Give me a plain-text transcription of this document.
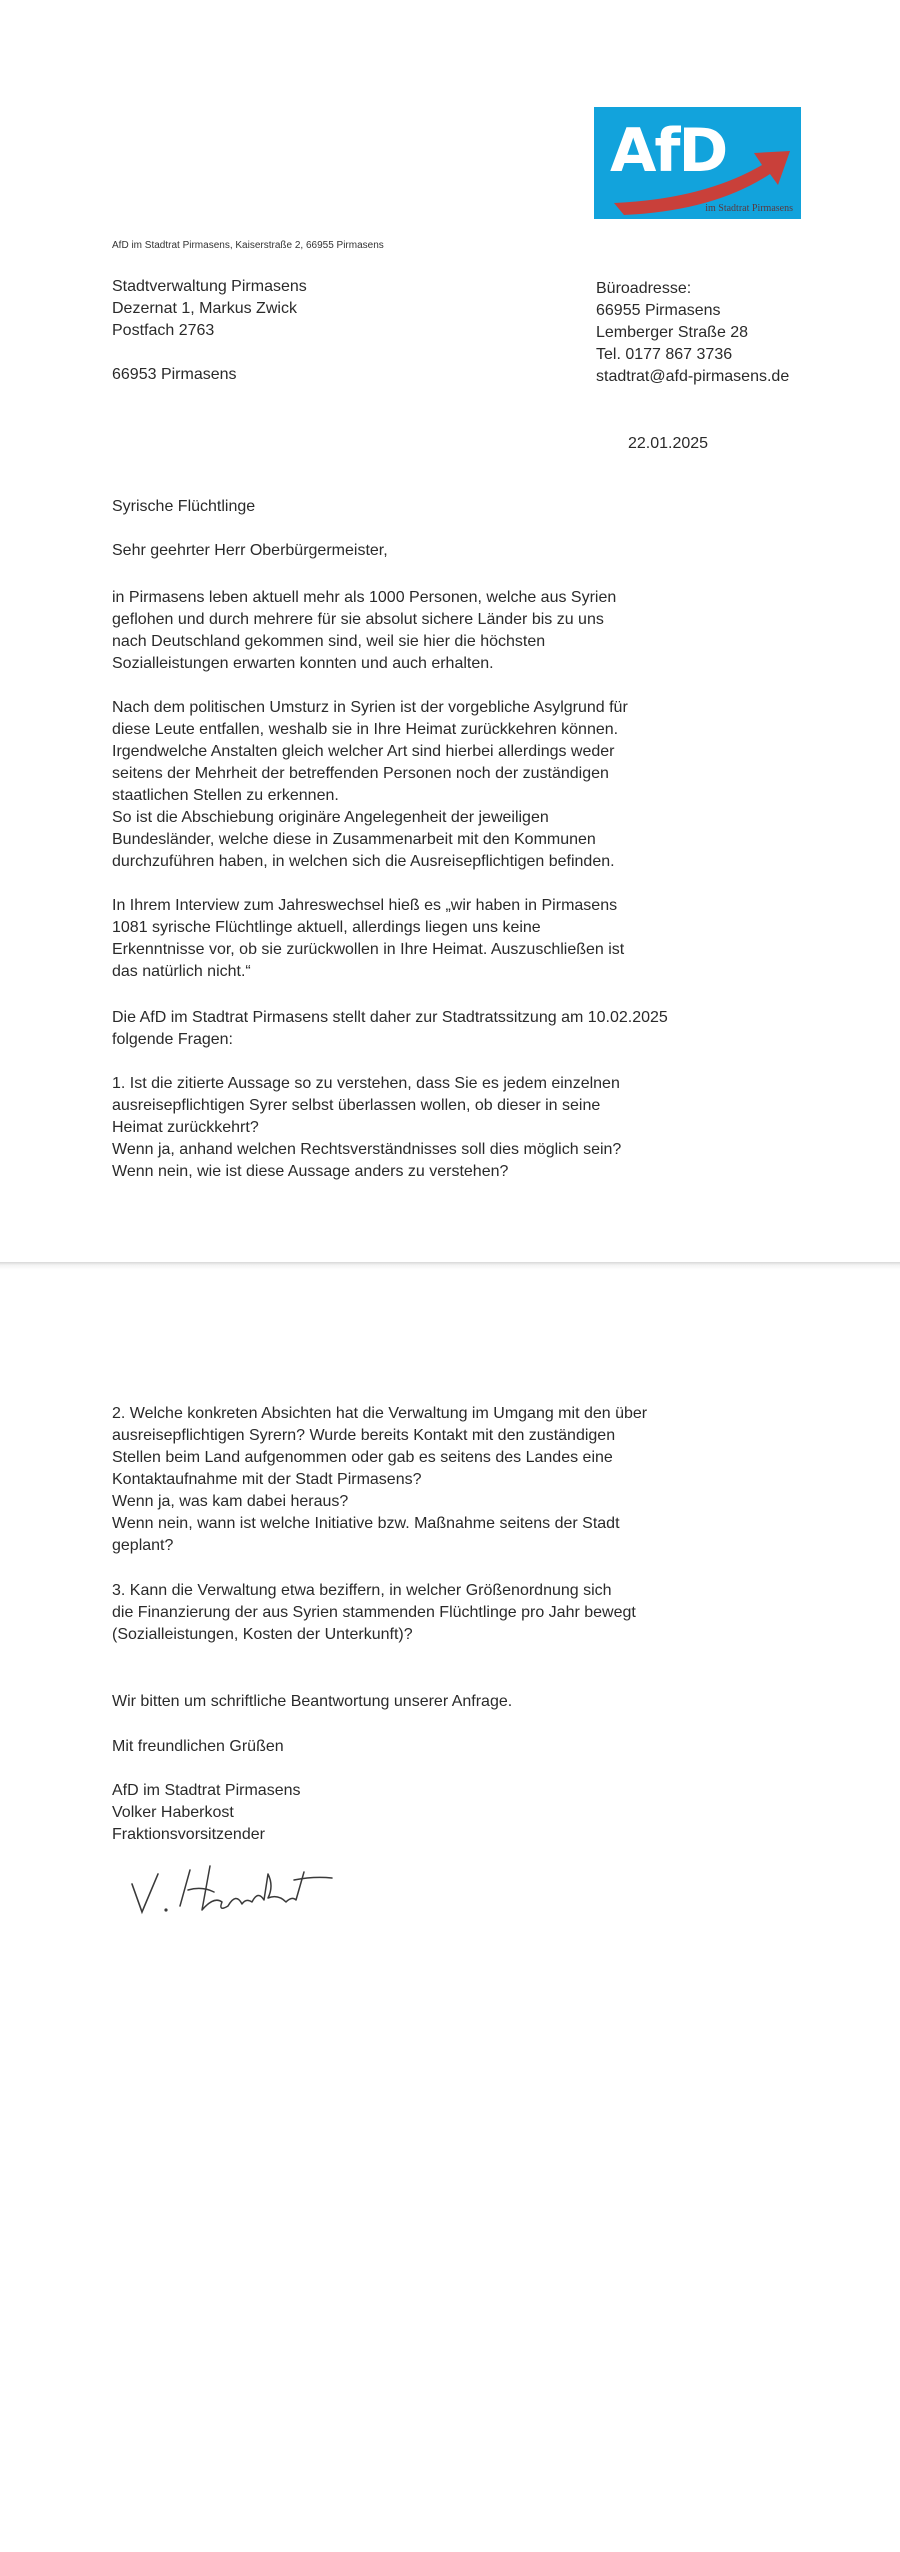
AfD
im Stadtrat Pirmasens
AfD im Stadtrat Pirmasens, Kaiserstraße 2, 66955 Pirmasens
Stadtverwaltung Pirmasens
Dezernat 1, Markus Zwick
Postfach 2763
66953 Pirmasens
Büroadresse:
66955 Pirmasens
Lemberger Straße 28
Tel. 0177 867 3736
stadtrat@afd-pirmasens.de
22.01.2025
Syrische Flüchtlinge
Sehr geehrter Herr Oberbürgermeister,
in Pirmasens leben aktuell mehr als 1000 Personen, welche aus Syrien
geflohen und durch mehrere für sie absolut sichere Länder bis zu uns
nach Deutschland gekommen sind, weil sie hier die höchsten
Sozialleistungen erwarten konnten und auch erhalten.
Nach dem politischen Umsturz in Syrien ist der vorgebliche Asylgrund für
diese Leute entfallen, weshalb sie in Ihre Heimat zurückkehren können.
Irgendwelche Anstalten gleich welcher Art sind hierbei allerdings weder
seitens der Mehrheit der betreffenden Personen noch der zuständigen
staatlichen Stellen zu erkennen.
So ist die Abschiebung originäre Angelegenheit der jeweiligen
Bundesländer, welche diese in Zusammenarbeit mit den Kommunen
durchzuführen haben, in welchen sich die Ausreisepflichtigen befinden.
In Ihrem Interview zum Jahreswechsel hieß es „wir haben in Pirmasens
1081 syrische Flüchtlinge aktuell, allerdings liegen uns keine
Erkenntnisse vor, ob sie zurückwollen in Ihre Heimat. Auszuschließen ist
das natürlich nicht.“
Die AfD im Stadtrat Pirmasens stellt daher zur Stadtratssitzung am 10.02.2025
folgende Fragen:
1. Ist die zitierte Aussage so zu verstehen, dass Sie es jedem einzelnen
ausreisepflichtigen Syrer selbst überlassen wollen, ob dieser in seine
Heimat zurückkehrt?
Wenn ja, anhand welchen Rechtsverständnisses soll dies möglich sein?
Wenn nein, wie ist diese Aussage anders zu verstehen?
2. Welche konkreten Absichten hat die Verwaltung im Umgang mit den über
ausreisepflichtigen Syrern? Wurde bereits Kontakt mit den zuständigen
Stellen beim Land aufgenommen oder gab es seitens des Landes eine
Kontaktaufnahme mit der Stadt Pirmasens?
Wenn ja, was kam dabei heraus?
Wenn nein, wann ist welche Initiative bzw. Maßnahme seitens der Stadt
geplant?
3. Kann die Verwaltung etwa beziffern, in welcher Größenordnung sich
die Finanzierung der aus Syrien stammenden Flüchtlinge pro Jahr bewegt
(Sozialleistungen, Kosten der Unterkunft)?
Wir bitten um schriftliche Beantwortung unserer Anfrage.
Mit freundlichen Grüßen
AfD im Stadtrat Pirmasens
Volker Haberkost
Fraktionsvorsitzender
